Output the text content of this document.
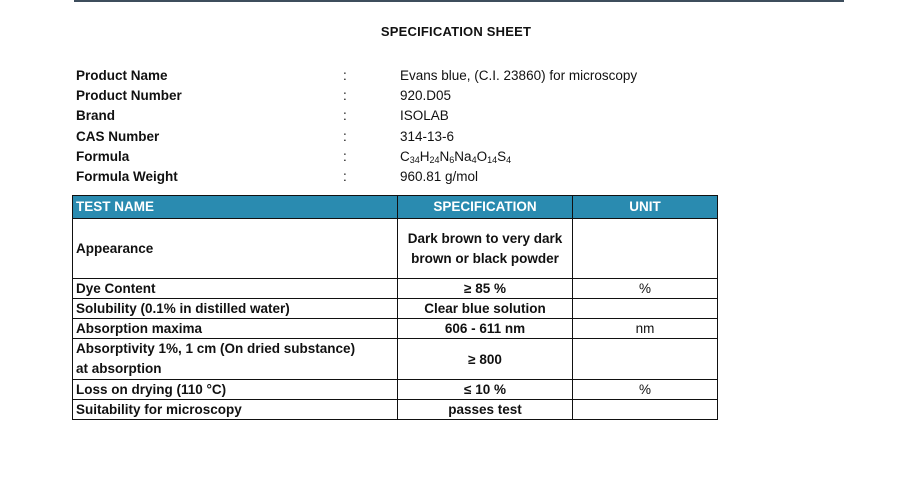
SPECIFICATION SHEET
Product Name	:	Evans blue, (C.I. 23860) for microscopy
Product Number	:	920.D05
Brand	:	ISOLAB
CAS Number	:	314-13-6
Formula	:	$C_{34}H_{24}N_6Na_4O_{14}S_4$
Formula Weight	:	960.81 g/mol
TEST NAME	SPECIFICATION	UNIT
Appearance	Dark brown to very dark
brown or black powder	
Dye Content	≥ 85 %	%
Solubility (0.1% in distilled water)	Clear blue solution	
Absorption maxima	606 - 611 nm	nm
Absorptivity 1%, 1 cm (On dried substance)
at absorption	≥ 800	
Loss on drying (110 °C)	≤ 10 %	%
Suitability for microscopy	passes test	
